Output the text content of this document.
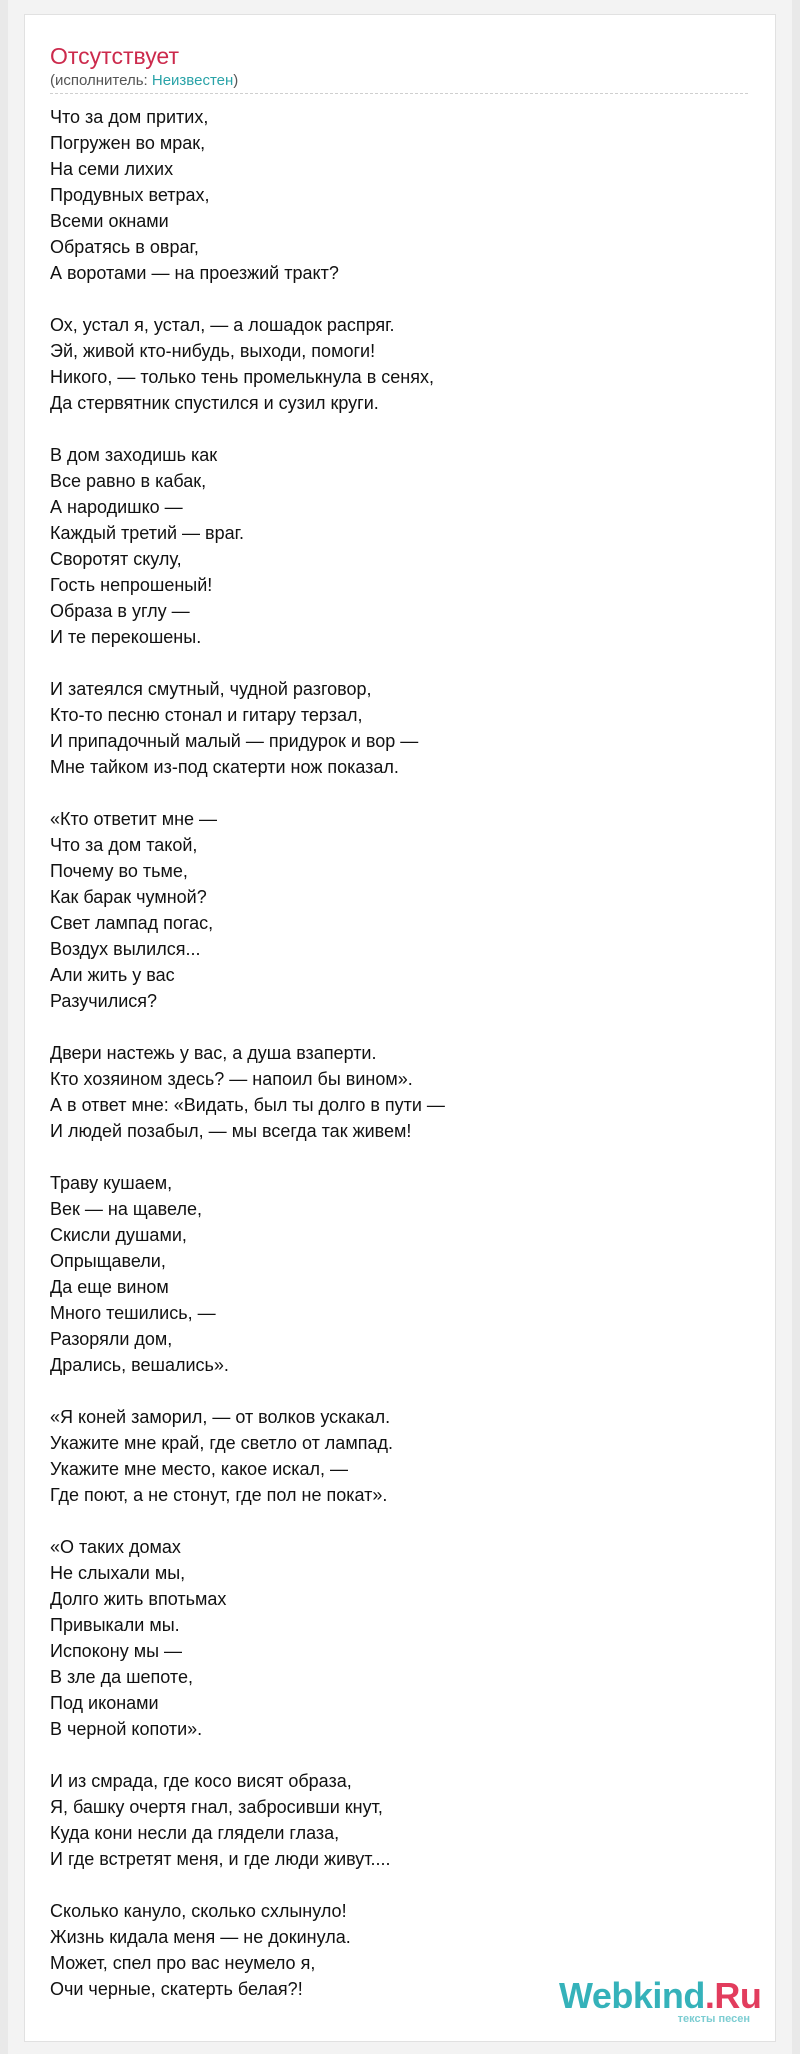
Отсутствует
(исполнитель: Неизвестен)
Что за дом притих,
Погружен во мрак,
На семи лихих
Продувных ветрах,
Всеми окнами
Обратясь в овраг,
А воротами — на проезжий тракт?
Ох, устал я, устал, — а лошадок распряг.
Эй, живой кто-нибудь, выходи, помоги!
Никого, — только тень промелькнула в сенях,
Да стервятник спустился и сузил круги.
В дом заходишь как
Все равно в кабак,
А народишко —
Каждый третий — враг.
Своротят скулу,
Гость непрошеный!
Образа в углу —
И те перекошены.
И затеялся смутный, чудной разговор,
Кто-то песню стонал и гитару терзал,
И припадочный малый — придурок и вор —
Мне тайком из-под скатерти нож показал.
«Кто ответит мне —
Что за дом такой,
Почему во тьме,
Как барак чумной?
Свет лампад погас,
Воздух вылился...
Али жить у вас
Разучилися?
Двери настежь у вас, а душа взаперти.
Кто хозяином здесь? — напоил бы вином».
А в ответ мне: «Видать, был ты долго в пути —
И людей позабыл, — мы всегда так живем!
Траву кушаем,
Век — на щавеле,
Скисли душами,
Опрыщавели,
Да еще вином
Много тешились, —
Разоряли дом,
Дрались, вешались».
«Я коней заморил, — от волков ускакал.
Укажите мне край, где светло от лампад.
Укажите мне место, какое искал, —
Где поют, а не стонут, где пол не покат».
«О таких домах
Не слыхали мы,
Долго жить впотьмах
Привыкали мы.
Испокону мы —
В зле да шепоте,
Под иконами
В черной копоти».
И из смрада, где косо висят образа,
Я, башку очертя гнал, забросивши кнут,
Куда кони несли да глядели глаза,
И где встретят меня, и где люди живут....
Сколько кануло, сколько схлынуло!
Жизнь кидала меня — не докинула.
Может, спел про вас неумело я,
Очи черные, скатерть белая?!	Webkind.Ru
тексты песен
